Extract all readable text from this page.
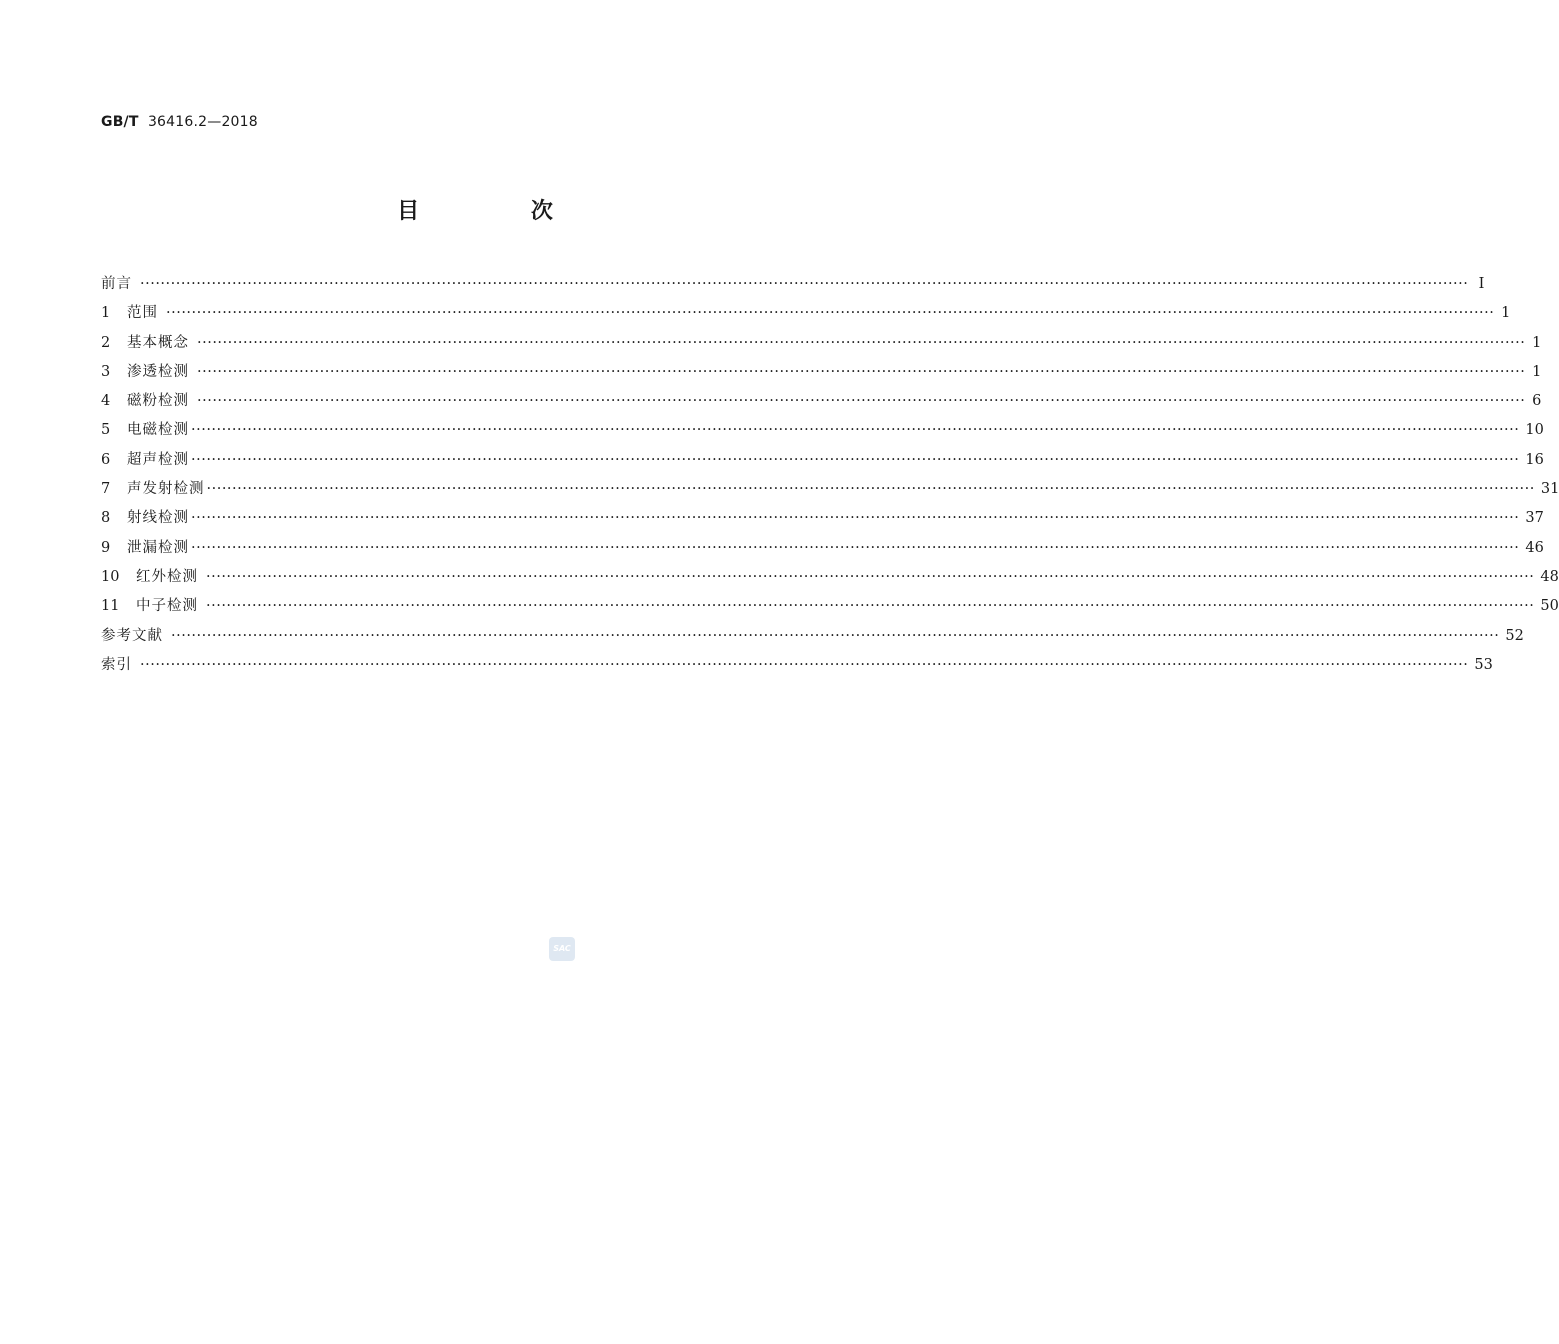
GB/T 36416.2—2018
目 次
前言 ···································································································································································································································································· Ⅰ
1	范围 ···································································································································································································································································· 1
2	基本概念 ···································································································································································································································································· 1
3	渗透检测 ···································································································································································································································································· 1
4	磁粉检测 ···································································································································································································································································· 6
5	电磁检测 ···································································································································································································································································· 10
6	超声检测 ···································································································································································································································································· 16
7	声发射检测 ···································································································································································································································································· 31
8	射线检测 ···································································································································································································································································· 37
9	泄漏检测 ···································································································································································································································································· 46
10	红外检测 ···································································································································································································································································· 48
11	中子检测 ···································································································································································································································································· 50
参考文献 ···································································································································································································································································· 52
索引 ···································································································································································································································································· 53
SAC
